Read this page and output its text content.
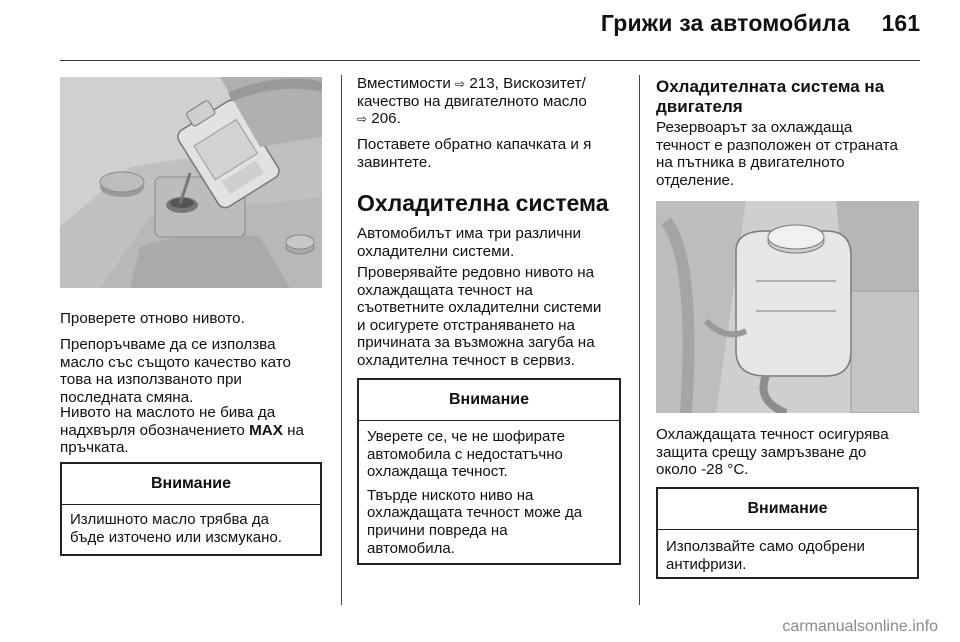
Грижи за автомобила 161

Проверете отново нивото.

Препоръчваме да се използва

масло със същото качество като

това на използваното при

последната смяна.

Нивото на маслото не бива да

надхвърля обозначението MAX на

пръчката.

Внимание

Излишното масло трябва да

бъде източено или изсмукано.

Вместимости ⇨ 213, Вискозитет/

качество на двигателното масло

⇨ 206.

Поставете обратно капачката и я

завинтете.

Охладителна система

Автомобилът има три различни

охладителни системи.

Проверявайте редовно нивото на

охлаждащата течност на

съответните охладителни системи

и осигурете отстраняването на

причината за възможна загуба на

охладителна течност в сервиз.

Внимание

Уверете се, че не шофирате

автомобила с недостатъчно

охлаждаща течност.

Твърде ниското ниво на

охлаждащата течност може да

причини повреда на

автомобила.

Охладителната система на
двигателя

Резервоарът за охлаждаща

течност е разположен от страната

на пътника в двигателното

отделение.

Охлаждащата течност осигурява

защита срещу замръзване до

около -28 °C.

Внимание

Използвайте само одобрени

антифризи.

carmanualsonline.info
